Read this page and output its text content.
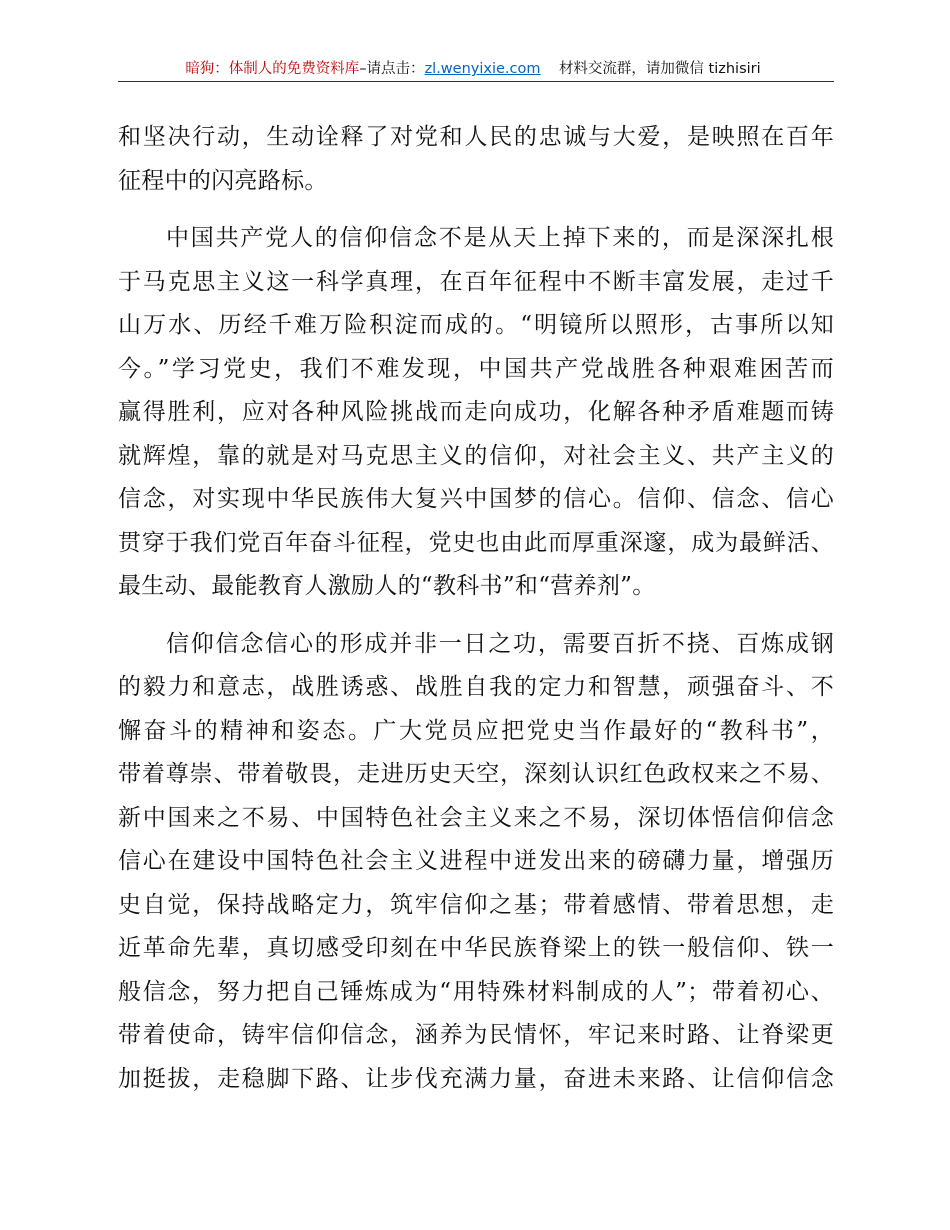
暗狗：体制人的免费资料库–请点击：zl.wenyixie.com 材料交流群，请加微信 tizhisiri
和坚决行动，生动诠释了对党和人民的忠诚与大爱，是映照在百年
征程中的闪亮路标。
中国共产党人的信仰信念不是从天上掉下来的，而是深深扎根
于马克思主义这一科学真理，在百年征程中不断丰富发展，走过千
山万水、历经千难万险积淀而成的。“明镜所以照形，古事所以知
今。”学习党史，我们不难发现，中国共产党战胜各种艰难困苦而
赢得胜利，应对各种风险挑战而走向成功，化解各种矛盾难题而铸
就辉煌，靠的就是对马克思主义的信仰，对社会主义、共产主义的
信念，对实现中华民族伟大复兴中国梦的信心。信仰、信念、信心
贯穿于我们党百年奋斗征程，党史也由此而厚重深邃，成为最鲜活、
最生动、最能教育人激励人的“教科书”和“营养剂”。
信仰信念信心的形成并非一日之功，需要百折不挠、百炼成钢
的毅力和意志，战胜诱惑、战胜自我的定力和智慧，顽强奋斗、不
懈奋斗的精神和姿态。广大党员应把党史当作最好的“教科书”，
带着尊崇、带着敬畏，走进历史天空，深刻认识红色政权来之不易、
新中国来之不易、中国特色社会主义来之不易，深切体悟信仰信念
信心在建设中国特色社会主义进程中迸发出来的磅礴力量，增强历
史自觉，保持战略定力，筑牢信仰之基；带着感情、带着思想，走
近革命先辈，真切感受印刻在中华民族脊梁上的铁一般信仰、铁一
般信念，努力把自己锤炼成为“用特殊材料制成的人”；带着初心、
带着使命，铸牢信仰信念，涵养为民情怀，牢记来时路、让脊梁更
加挺拔，走稳脚下路、让步伐充满力量，奋进未来路、让信仰信念
